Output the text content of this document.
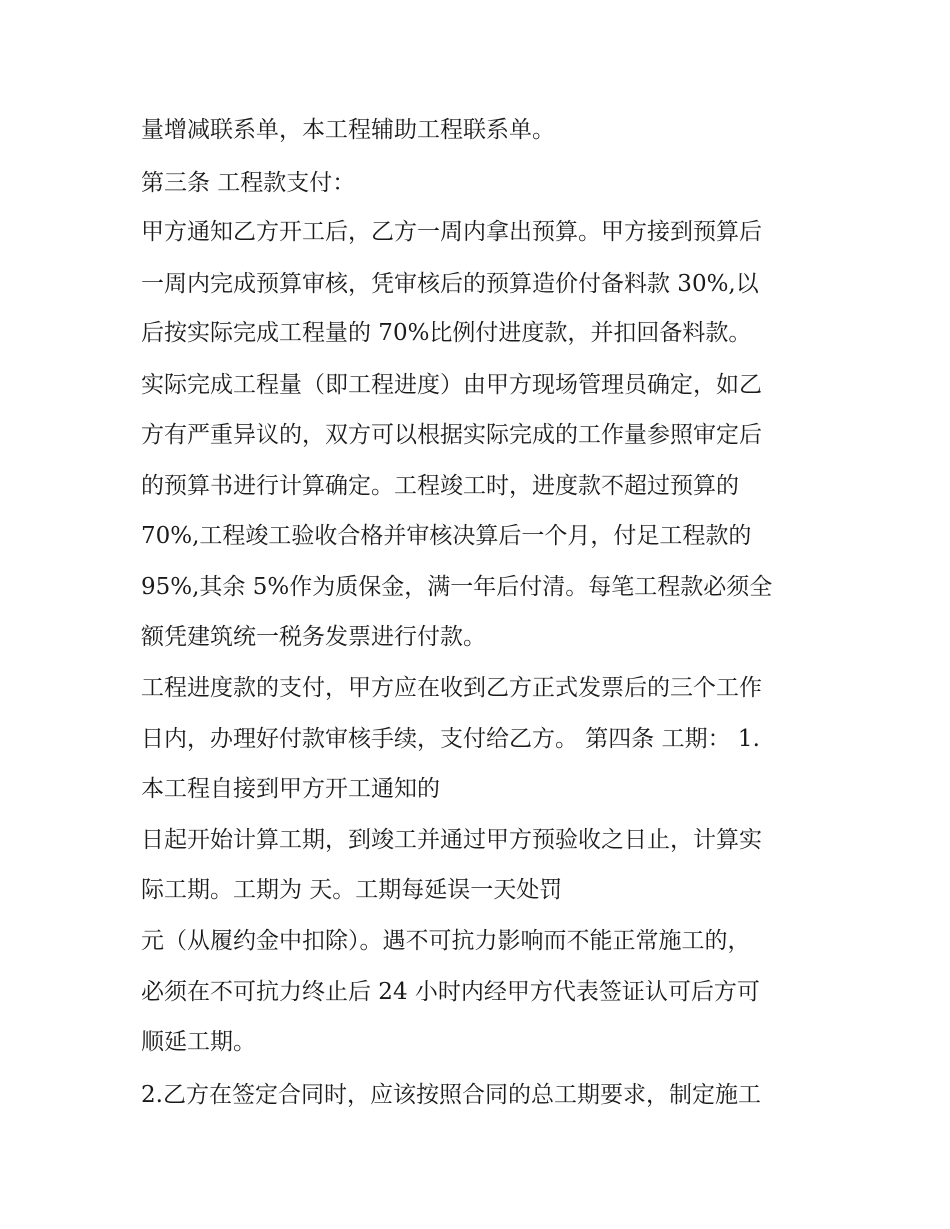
量增减联系单，本工程辅助工程联系单。
第三条 工程款支付：
甲方通知乙方开工后，乙方一周内拿出预算。甲方接到预算后
一周内完成预算审核，凭审核后的预算造价付备料款 30%,以
后按实际完成工程量的 70%比例付进度款，并扣回备料款。
实际完成工程量（即工程进度）由甲方现场管理员确定，如乙
方有严重异议的，双方可以根据实际完成的工作量参照审定后
的预算书进行计算确定。工程竣工时，进度款不超过预算的
70%,工程竣工验收合格并审核决算后一个月，付足工程款的
95%,其余 5%作为质保金，满一年后付清。每笔工程款必须全
额凭建筑统一税务发票进行付款。
工程进度款的支付，甲方应在收到乙方正式发票后的三个工作
日内，办理好付款审核手续，支付给乙方。 第四条 工期： 1.
本工程自接到甲方开工通知的
日起开始计算工期，到竣工并通过甲方预验收之日止，计算实
际工期。工期为 天。工期每延误一天处罚
元（从履约金中扣除）。遇不可抗力影响而不能正常施工的，
必须在不可抗力终止后 24 小时内经甲方代表签证认可后方可
顺延工期。
2.乙方在签定合同时，应该按照合同的总工期要求，制定施工
